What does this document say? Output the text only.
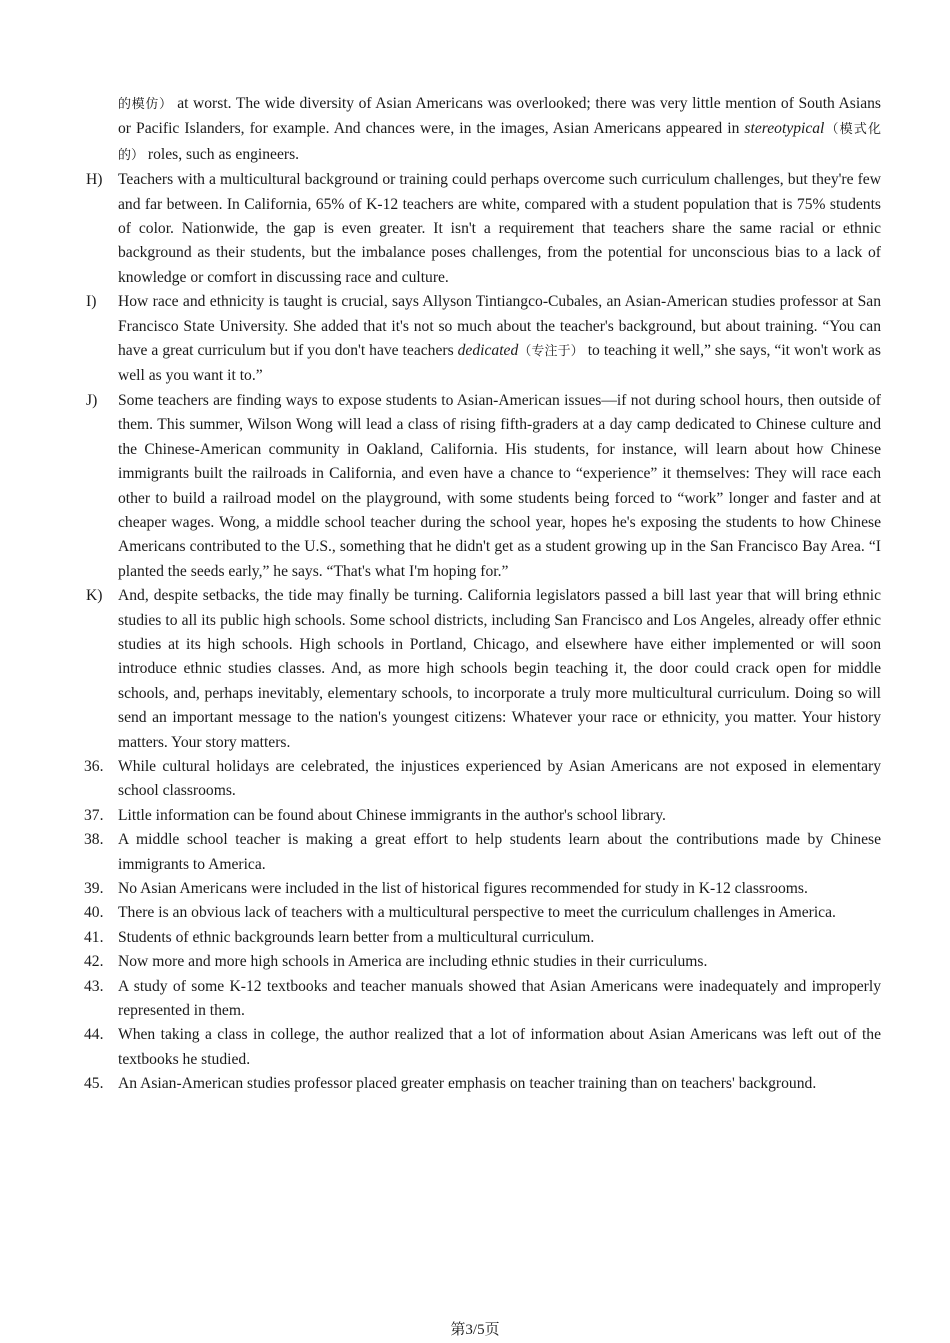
的模仿） at worst. The wide diversity of Asian Americans was overlooked; there was very little mention of South Asians or Pacific Islanders, for example. And chances were, in the images, Asian Americans appeared in stereotypical（模式化的） roles, such as engineers.
H) Teachers with a multicultural background or training could perhaps overcome such curriculum challenges, but they're few and far between. In California, 65% of K-12 teachers are white, compared with a student population that is 75% students of color. Nationwide, the gap is even greater. It isn't a requirement that teachers share the same racial or ethnic background as their students, but the imbalance poses challenges, from the potential for unconscious bias to a lack of knowledge or comfort in discussing race and culture.
I) How race and ethnicity is taught is crucial, says Allyson Tintiangco-Cubales, an Asian-American studies professor at San Francisco State University. She added that it's not so much about the teacher's background, but about training. “You can have a great curriculum but if you don't have teachers dedicated（专注于） to teaching it well,” she says, “it won't work as well as you want it to.”
J) Some teachers are finding ways to expose students to Asian-American issues—if not during school hours, then outside of them. This summer, Wilson Wong will lead a class of rising fifth-graders at a day camp dedicated to Chinese culture and the Chinese-American community in Oakland, California. His students, for instance, will learn about how Chinese immigrants built the railroads in California, and even have a chance to “experience” it themselves: They will race each other to build a railroad model on the playground, with some students being forced to “work” longer and faster and at cheaper wages. Wong, a middle school teacher during the school year, hopes he's exposing the students to how Chinese Americans contributed to the U.S., something that he didn't get as a student growing up in the San Francisco Bay Area. “I planted the seeds early,” he says. “That's what I'm hoping for.”
K) And, despite setbacks, the tide may finally be turning. California legislators passed a bill last year that will bring ethnic studies to all its public high schools. Some school districts, including San Francisco and Los Angeles, already offer ethnic studies at its high schools. High schools in Portland, Chicago, and elsewhere have either implemented or will soon introduce ethnic studies classes. And, as more high schools begin teaching it, the door could crack open for middle schools, and, perhaps inevitably, elementary schools, to incorporate a truly more multicultural curriculum. Doing so will send an important message to the nation's youngest citizens: Whatever your race or ethnicity, you matter. Your history matters. Your story matters.
36. While cultural holidays are celebrated, the injustices experienced by Asian Americans are not exposed in elementary school classrooms.
37. Little information can be found about Chinese immigrants in the author's school library.
38. A middle school teacher is making a great effort to help students learn about the contributions made by Chinese immigrants to America.
39. No Asian Americans were included in the list of historical figures recommended for study in K-12 classrooms.
40. There is an obvious lack of teachers with a multicultural perspective to meet the curriculum challenges in America.
41. Students of ethnic backgrounds learn better from a multicultural curriculum.
42. Now more and more high schools in America are including ethnic studies in their curriculums.
43. A study of some K-12 textbooks and teacher manuals showed that Asian Americans were inadequately and improperly represented in them.
44. When taking a class in college, the author realized that a lot of information about Asian Americans was left out of the textbooks he studied.
45. An Asian-American studies professor placed greater emphasis on teacher training than on teachers' background.
第3/5页
